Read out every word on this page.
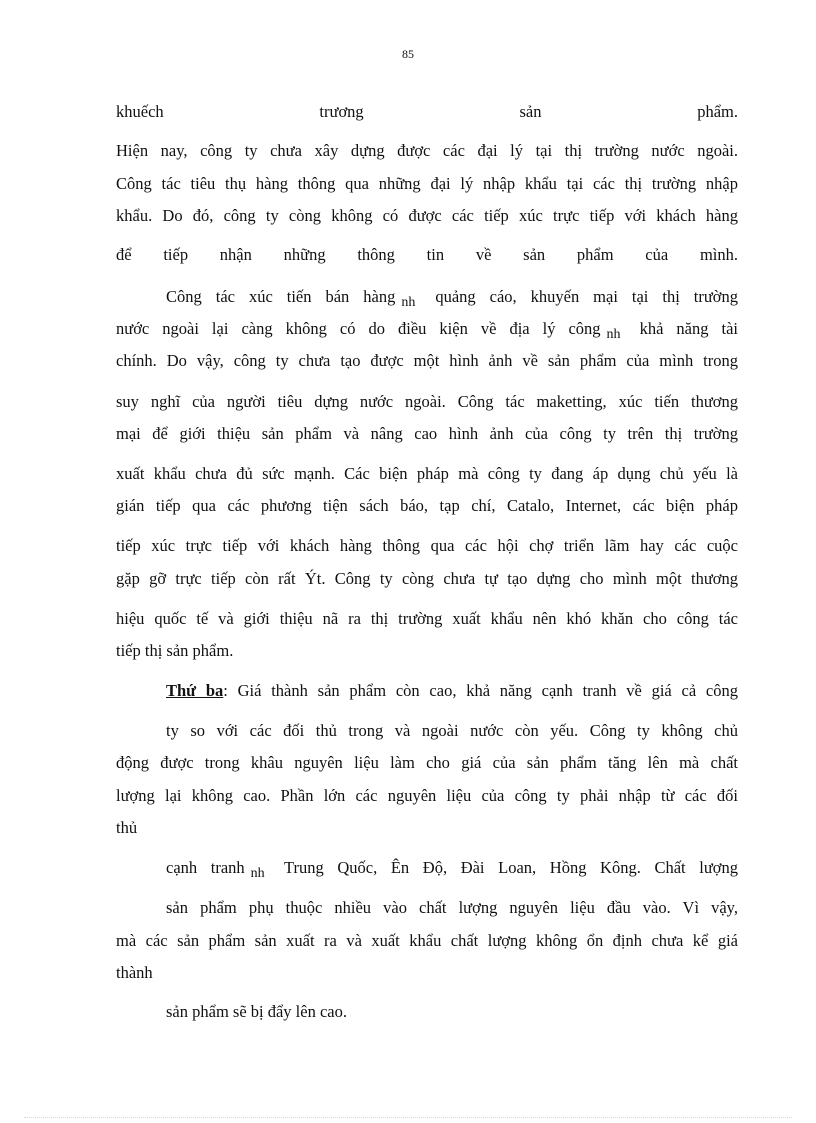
85
khuếch trương sản phẩm.
Hiện nay, công ty chưa xây dựng được các đại lý tại thị trường nước ngoài.
Công tác tiêu thụ hàng thông qua những đại lý nhập khẩu tại các thị trường nhập
khẩu. Do đó, công ty còng không có được các tiếp xúc trực tiếp với khách hàng
để tiếp nhận những thông tin về sản phẩm của mình.
Công tác xúc tiến bán hàng $_{nh}$ quảng cáo, khuyến mại tại thị trường
nước ngoài lại càng không có do điều kiện về địa lý công $_{nh}$ khả năng tài
chính. Do vậy, công ty chưa tạo được một hình ảnh về sản phẩm của mình trong
suy nghĩ của người tiêu dựng nước ngoài. Công tác maketting, xúc tiến thương
mại để giới thiệu sản phẩm và nâng cao hình ảnh của công ty trên thị trường
xuất khẩu chưa đủ sức mạnh. Các biện pháp mà công ty đang áp dụng chủ yếu là
gián tiếp qua các phương tiện sách báo, tạp chí, Catalo, Internet, các biện pháp
tiếp xúc trực tiếp với khách hàng thông qua các hội chợ triển lãm hay các cuộc
gặp gỡ trực tiếp còn rất Ýt. Công ty còng chưa tự tạo dựng cho mình một thương
hiệu quốc tế và giới thiệu nã ra thị trường xuất khẩu nên khó khăn cho công tác
tiếp thị sản phẩm.
Thứ ba: Giá thành sản phẩm còn cao, khả năng cạnh tranh về giá cả công
ty so với các đối thủ trong và ngoài nước còn yếu. Công ty không chủ
động được trong khâu nguyên liệu làm cho giá của sản phẩm tăng lên mà chất
lượng lại không cao. Phần lớn các nguyên liệu của công ty phải nhập từ các đối
thủ
cạnh tranh $_{nh}$ Trung Quốc, Ên Độ, Đài Loan, Hồng Kông. Chất lượng
sản phẩm phụ thuộc nhiều vào chất lượng nguyên liệu đầu vào. Vì vậy,
mà các sản phẩm sản xuất ra và xuất khẩu chất lượng không ổn định chưa kể giá
thành
sản phẩm sẽ bị đẩy lên cao.
